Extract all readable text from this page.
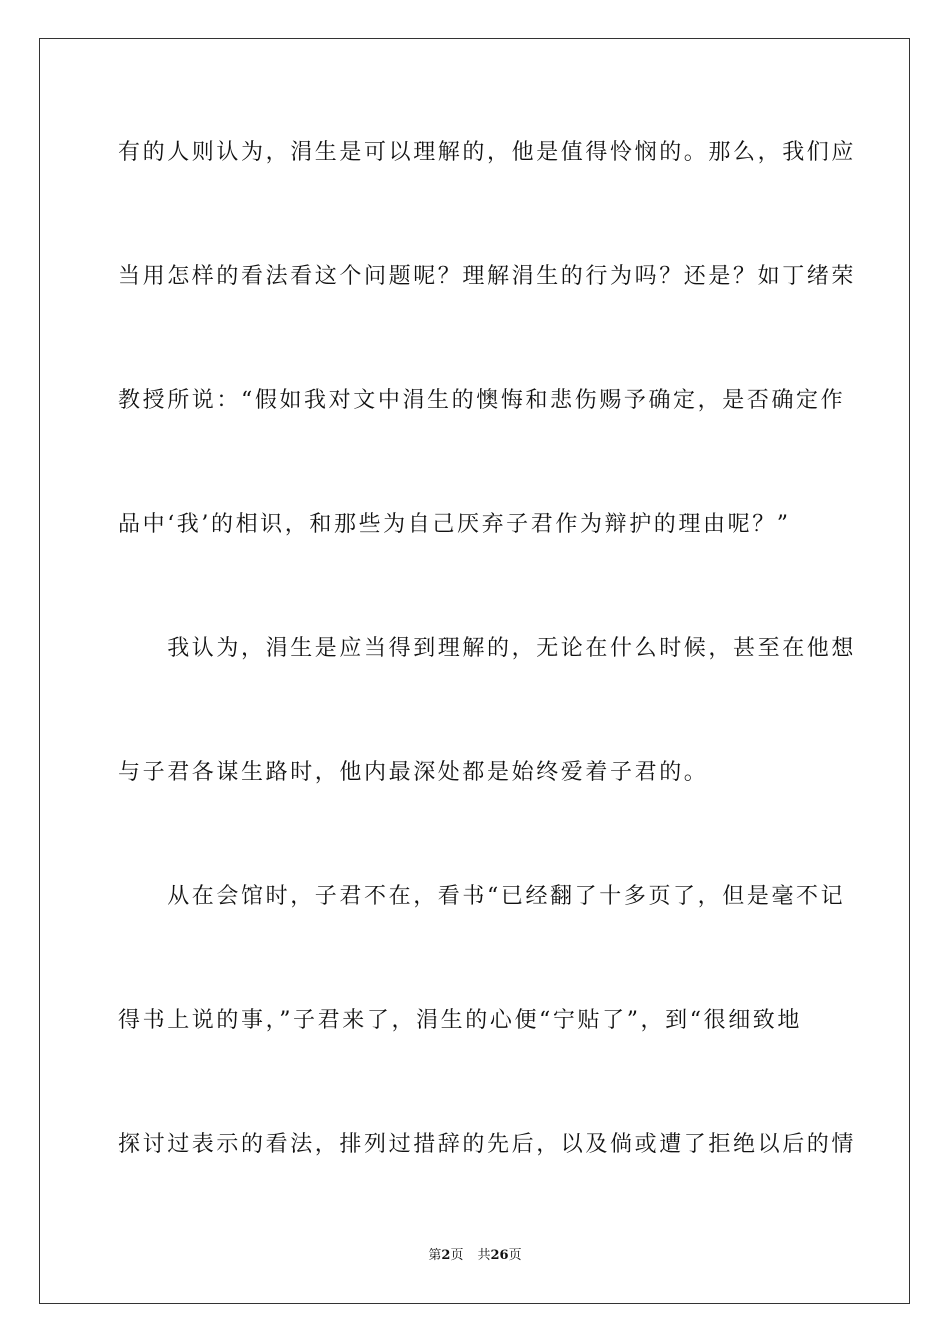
有的人则认为，涓生是可以理解的，他是值得怜悯的。那么，我们应
当用怎样的看法看这个问题呢？理解涓生的行为吗？还是？如丁绪荣
教授所说：“假如我对文中涓生的懊悔和悲伤赐予确定，是否确定作
品中‘我’的相识，和那些为自己厌弃子君作为辩护的理由呢？”
　　我认为，涓生是应当得到理解的，无论在什么时候，甚至在他想
与子君各谋生路时，他内最深处都是始终爱着子君的。
　　从在会馆时，子君不在，看书“已经翻了十多页了，但是毫不记
得书上说的事，”子君来了，涓生的心便“宁贴了”，到“很细致地
探讨过表示的看法，排列过措辞的先后，以及倘或遭了拒绝以后的情
第2页 共26页
